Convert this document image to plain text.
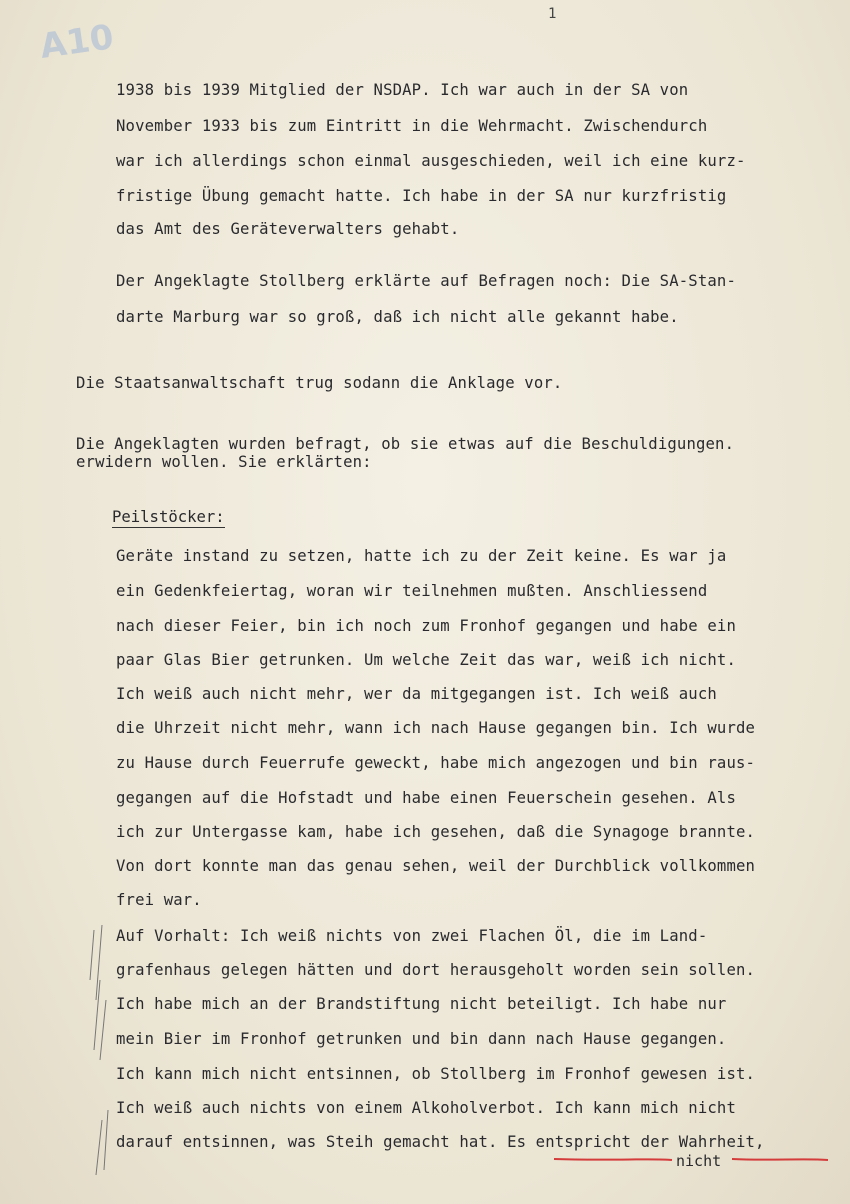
A10
1
1938 bis 1939 Mitglied der NSDAP. Ich war auch in der SA von
November 1933 bis zum Eintritt in die Wehrmacht. Zwischendurch
war ich allerdings schon einmal ausgeschieden, weil ich eine kurz-
fristige Übung gemacht hatte. Ich habe in der SA nur kurzfristig
das Amt des Geräteverwalters gehabt.
Der Angeklagte Stollberg erklärte auf Befragen noch: Die SA-Stan-
darte Marburg war so groß, daß ich nicht alle gekannt habe.
Die Staatsanwaltschaft trug sodann die Anklage vor.
Die Angeklagten wurden befragt, ob sie etwas auf die Beschuldigungen.
erwidern wollen. Sie erklärten:
Peilstöcker:
Geräte instand zu setzen, hatte ich zu der Zeit keine. Es war ja
ein Gedenkfeiertag, woran wir teilnehmen mußten. Anschliessend
nach dieser Feier, bin ich noch zum Fronhof gegangen und habe ein
paar Glas Bier getrunken. Um welche Zeit das war, weiß ich nicht.
Ich weiß auch nicht mehr, wer da mitgegangen ist. Ich weiß auch
die Uhrzeit nicht mehr, wann ich nach Hause gegangen bin. Ich wurde
zu Hause durch Feuerrufe geweckt, habe mich angezogen und bin raus-
gegangen auf die Hofstadt und habe einen Feuerschein gesehen. Als
ich zur Untergasse kam, habe ich gesehen, daß die Synagoge brannte.
Von dort konnte man das genau sehen, weil der Durchblick vollkommen
frei war.
Auf Vorhalt: Ich weiß nichts von zwei Flachen Öl, die im Land-
grafenhaus gelegen hätten und dort herausgeholt worden sein sollen.
Ich habe mich an der Brandstiftung nicht beteiligt. Ich habe nur
mein Bier im Fronhof getrunken und bin dann nach Hause gegangen.
Ich kann mich nicht entsinnen, ob Stollberg im Fronhof gewesen ist.
Ich weiß auch nichts von einem Alkoholverbot. Ich kann mich nicht
darauf entsinnen, was Steih gemacht hat. Es entspricht der Wahrheit,
nicht
